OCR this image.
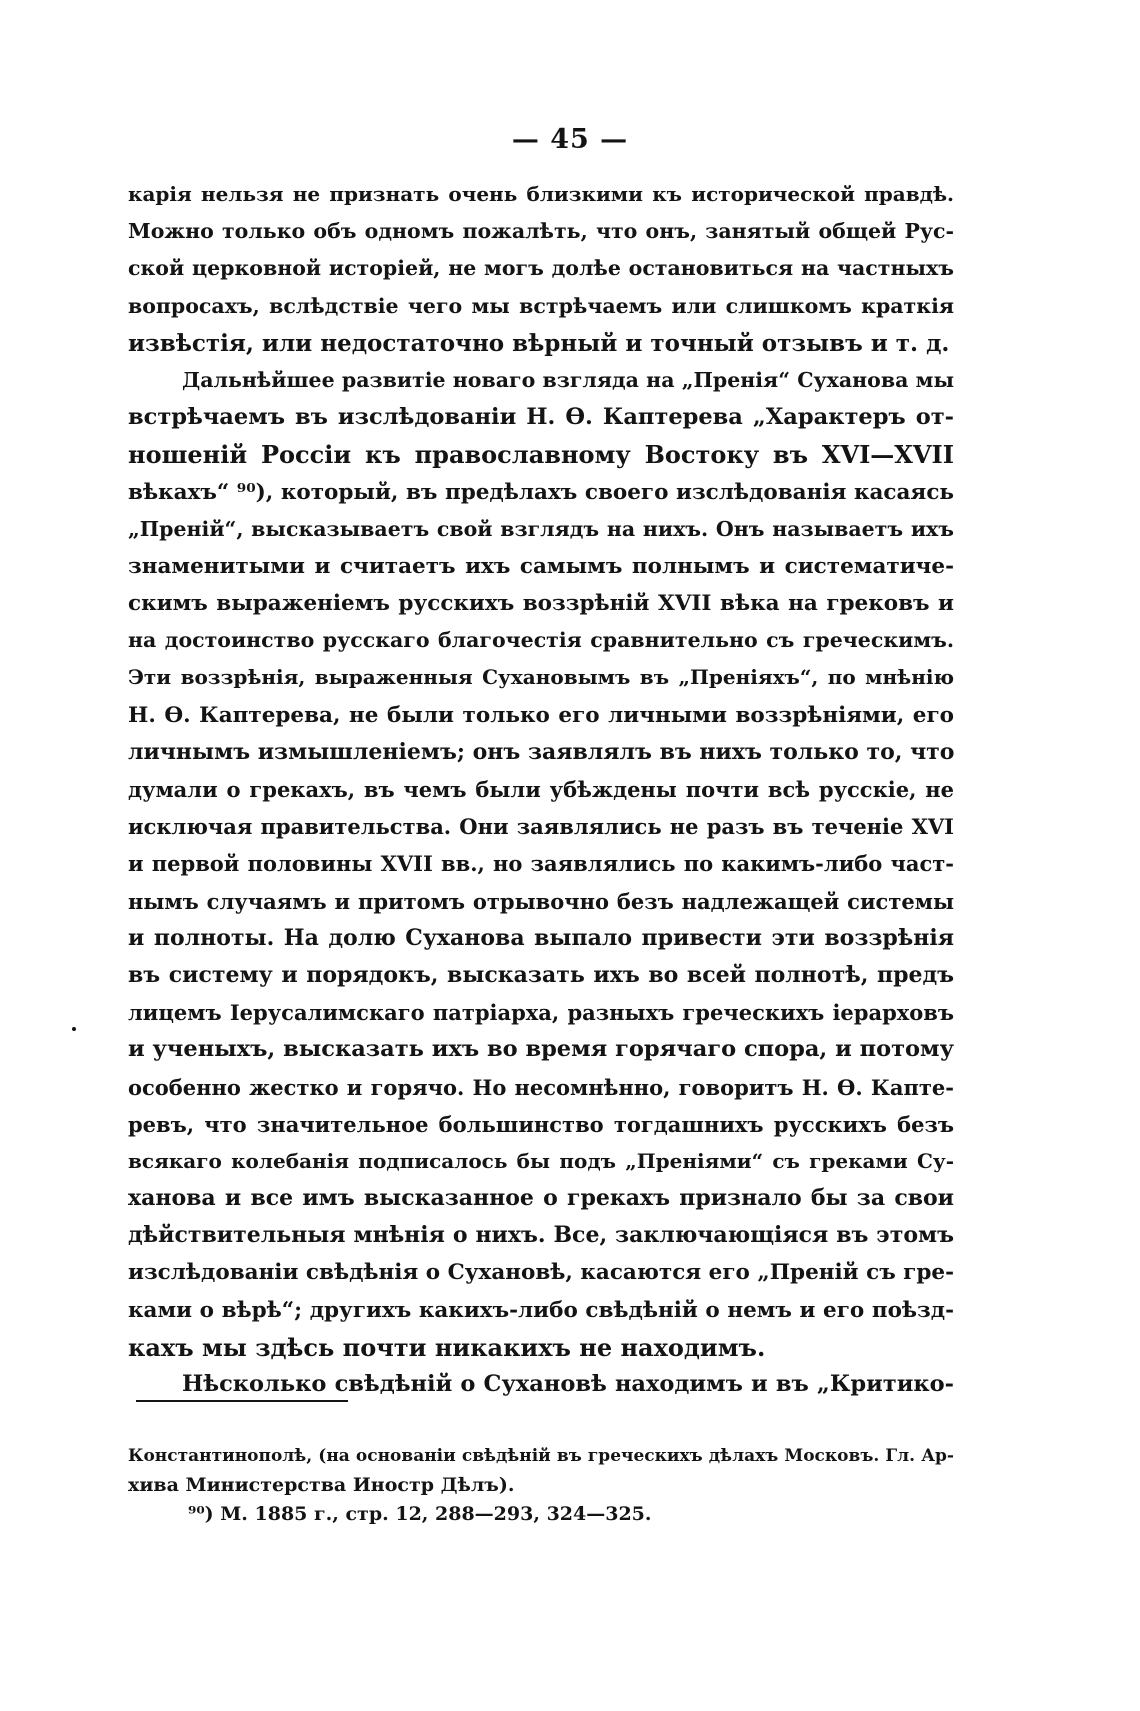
— 45 —
карія нельзя не признать очень близкими къ исторической правдѣ.
Можно только объ одномъ пожалѣть, что онъ, занятый общей Рус-
ской церковной исторіей, не могъ долѣе остановиться на частныхъ
вопросахъ, вслѣдствіе чего мы встрѣчаемъ или слишкомъ краткія
извѣстія, или недостаточно вѣрный и точный отзывъ и т. д.
Дальнѣйшее развитіе новаго взгляда на „Пренія“ Суханова мы
встрѣчаемъ въ изслѣдованіи Н. Ѳ. Каптерева „Характеръ от-
ношеній Россіи къ православному Востоку въ XVI—XVII
вѣкахъ“ ⁹⁰), который, въ предѣлахъ своего изслѣдованія касаясь
„Преній“, высказываетъ свой взглядъ на нихъ. Онъ называетъ ихъ
знаменитыми и считаетъ ихъ самымъ полнымъ и систематиче-
скимъ выраженіемъ русскихъ воззрѣній XVII вѣка на грековъ и
на достоинство русскаго благочестія сравнительно съ греческимъ.
Эти воззрѣнія, выраженныя Сухановымъ въ „Преніяхъ“, по мнѣнію
Н. Ѳ. Каптерева, не были только его личными воззрѣніями, его
личнымъ измышленіемъ; онъ заявлялъ въ нихъ только то, что
думали о грекахъ, въ чемъ были убѣждены почти всѣ русскіе, не
исключая правительства. Они заявлялись не разъ въ теченіе XVI
и первой половины XVII вв., но заявлялись по какимъ-либо част-
нымъ случаямъ и притомъ отрывочно безъ надлежащей системы
и полноты. На долю Суханова выпало привести эти воззрѣнія
въ систему и порядокъ, высказать ихъ во всей полнотѣ, предъ
лицемъ Іерусалимскаго патріарха, разныхъ греческихъ іерарховъ
и ученыхъ, высказать ихъ во время горячаго спора, и потому
особенно жестко и горячо. Но несомнѣнно, говоритъ Н. Ѳ. Капте-
ревъ, что значительное большинство тогдашнихъ русскихъ безъ
всякаго колебанія подписалось бы подъ „Преніями“ съ греками Су-
ханова и все имъ высказанное о грекахъ признало бы за свои
дѣйствительныя мнѣнія о нихъ. Все, заключающіяся въ этомъ
изслѣдованіи свѣдѣнія о Сухановѣ, касаются его „Преній съ гре-
ками о вѣрѣ“; другихъ какихъ-либо свѣдѣній о немъ и его поѣзд-
кахъ мы здѣсь почти никакихъ не находимъ.
Нѣсколько свѣдѣній о Сухановѣ находимъ и въ „Критико-
Константинополѣ, (на основаніи свѣдѣній въ греческихъ дѣлахъ Московъ. Гл. Ар-
хива Министерства Иностр Дѣлъ).
⁹⁰) М. 1885 г., стр. 12, 288—293, 324—325.
